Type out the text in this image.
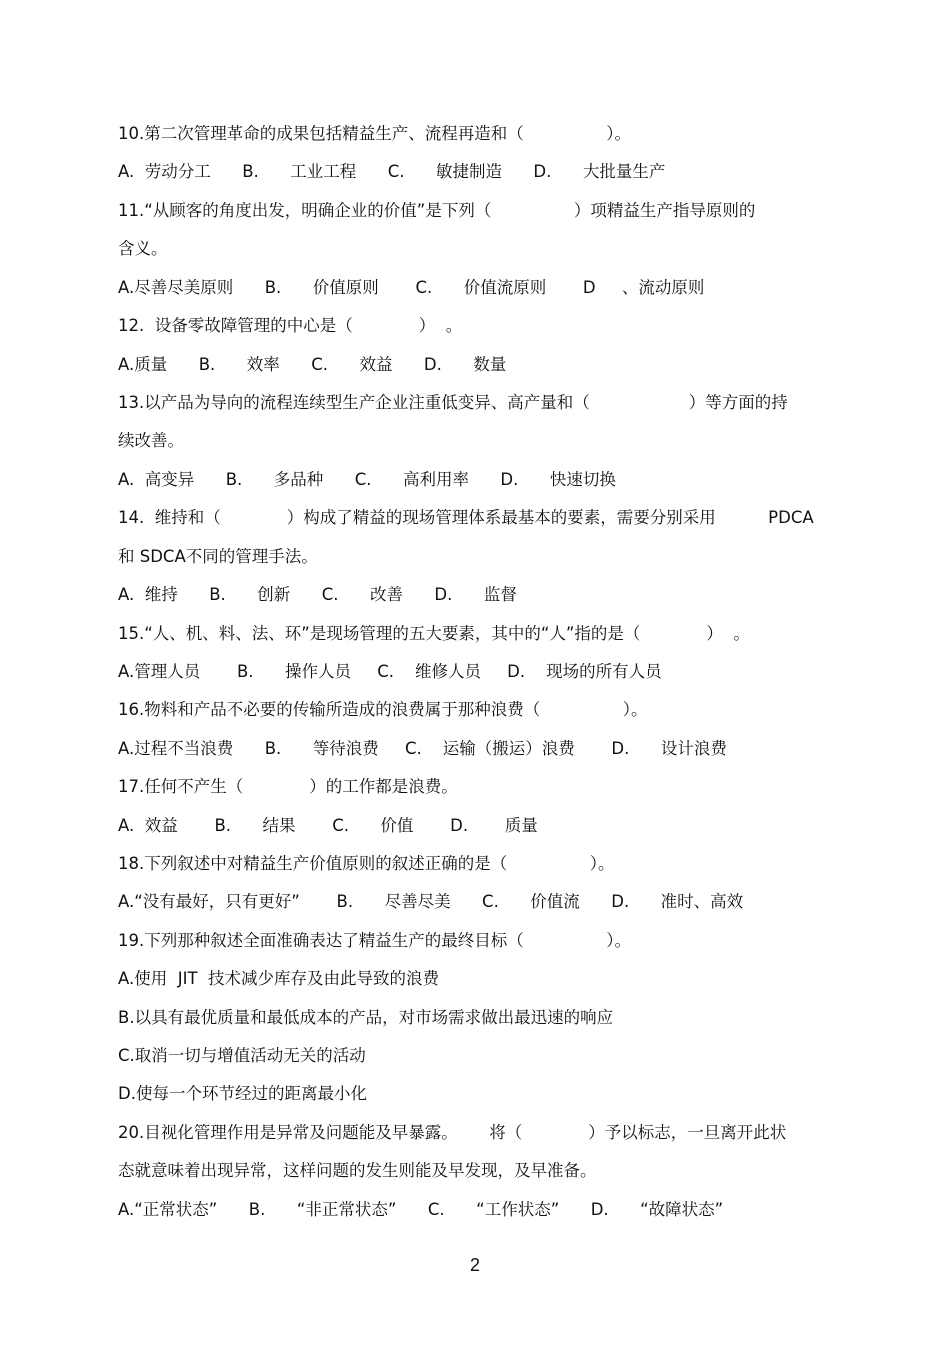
10.第二次管理革命的成果包括精益生产、流程再造和（　　　　　）。
A.  劳动分工      B.      工业工程      C.      敏捷制造      D.      大批量生产
11.“从顾客的角度出发，明确企业的价值”是下列（　　　　　）项精益生产指导原则的
含义。
A.尽善尽美原则      B.      价值原则       C.      价值流原则       D     、流动原则
12.  设备零故障管理的中心是（　　　　）  。
A.质量      B.      效率      C.      效益      D.      数量
13.以产品为导向的流程连续型生产企业注重低变异、高产量和（　　　　　　）等方面的持
续改善。
A.  高变异      B.      多品种      C.      高利用率      D.      快速切换
14.  维持和（　　　　）构成了精益的现场管理体系最基本的要素，需要分别采用          PDCA
和 SDCA不同的管理手法。
A.  维持      B.      创新      C.      改善      D.      监督
15.“人、机、料、法、环”是现场管理的五大要素，其中的“人”指的是（　　　　）  。
A.管理人员       B.      操作人员     C.    维修人员     D.    现场的所有人员
16.物料和产品不必要的传输所造成的浪费属于那种浪费（　　　　　）。
A.过程不当浪费      B.      等待浪费     C.    运输（搬运）浪费       D.      设计浪费
17.任何不产生（　　　　）的工作都是浪费。
A.  效益       B.      结果       C.      价值       D.       质量
18.下列叙述中对精益生产价值原则的叙述正确的是（　　　　　）。
A.“没有最好，只有更好”       B.      尽善尽美      C.      价值流      D.      准时、高效
19.下列那种叙述全面准确表达了精益生产的最终目标（　　　　　）。
A.使用  JIT  技术减少库存及由此导致的浪费
B.以具有最优质量和最低成本的产品，对市场需求做出最迅速的响应
C.取消一切与增值活动无关的活动
D.使每一个环节经过的距离最小化
20.目视化管理作用是异常及问题能及早暴露。      将（　　　　）予以标志，一旦离开此状
态就意味着出现异常，这样问题的发生则能及早发现，及早准备。
A.“正常状态”      B.      “非正常状态”      C.      “工作状态”      D.      “故障状态”
2
